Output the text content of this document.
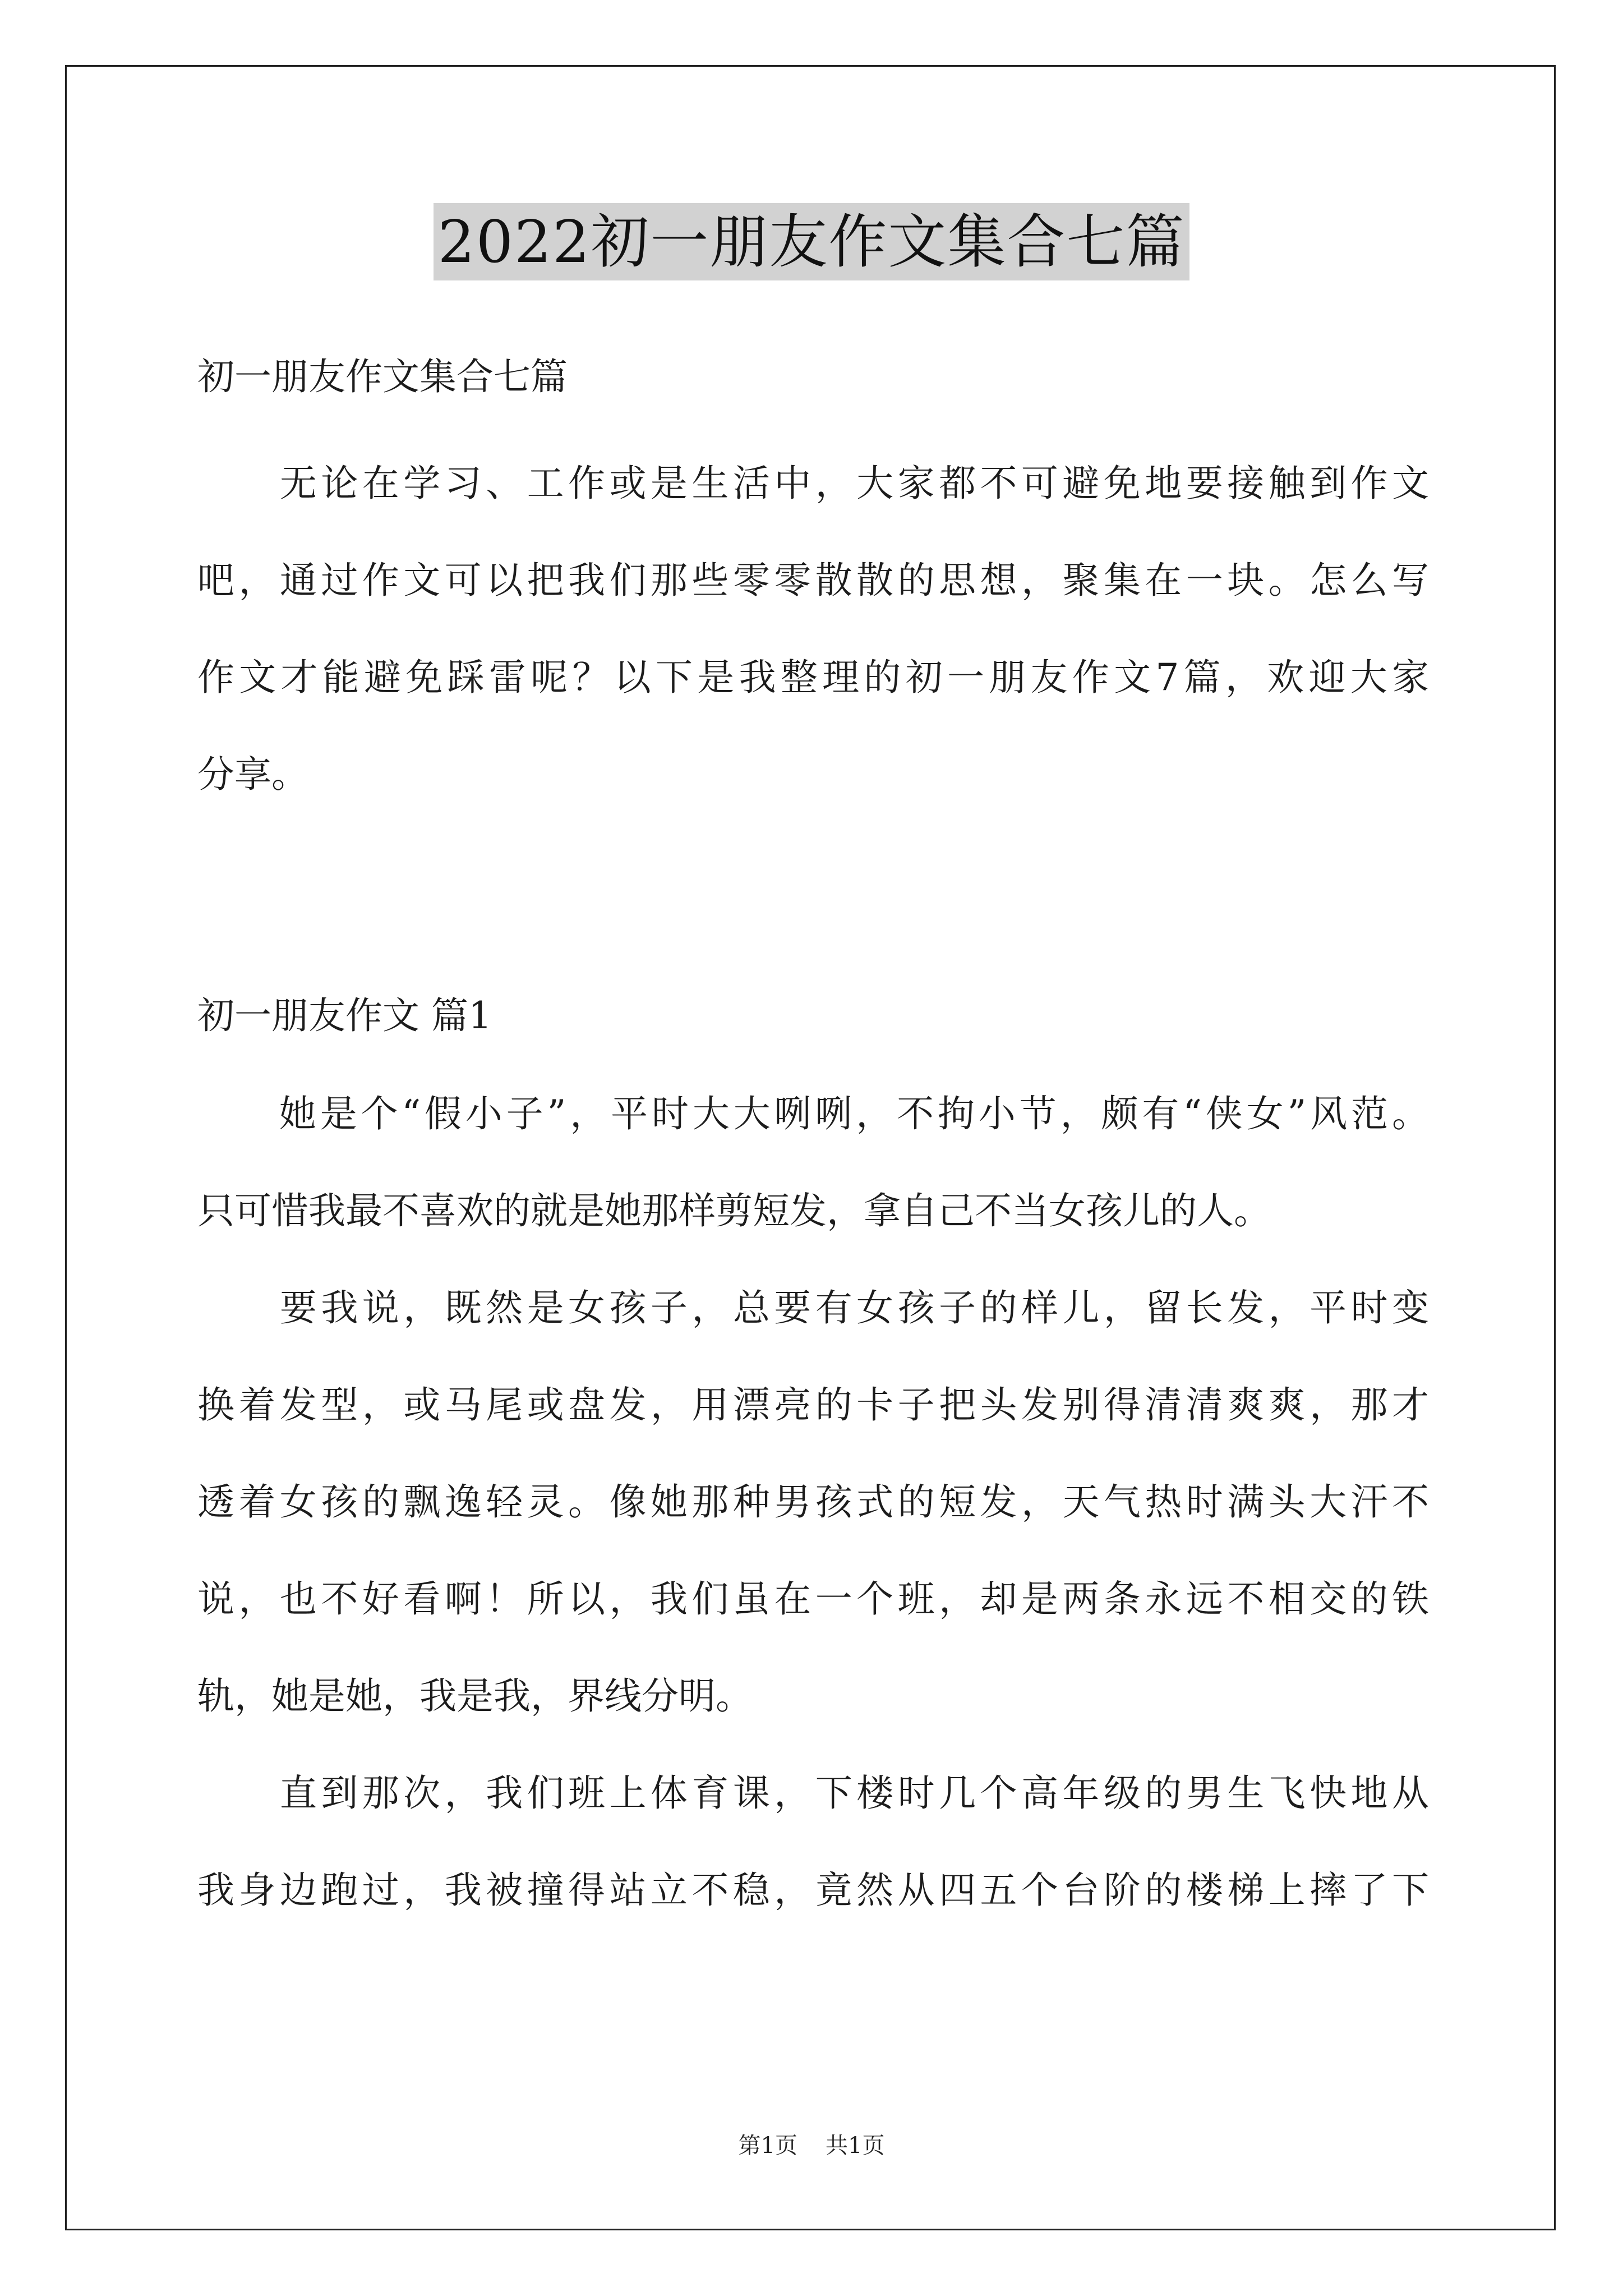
2022初一朋友作文集合七篇
初一朋友作文集合七篇
　　无论在学习、工作或是生活中，大家都不可避免地要接触到作文
吧，通过作文可以把我们那些零零散散的思想，聚集在一块。怎么写
作文才能避免踩雷呢？以下是我整理的初一朋友作文7篇，欢迎大家
分享。
初一朋友作文 篇1
　　她是个“假小子”，平时大大咧咧，不拘小节，颇有“侠女”风范。
只可惜我最不喜欢的就是她那样剪短发，拿自己不当女孩儿的人。
　　要我说，既然是女孩子，总要有女孩子的样儿，留长发，平时变
换着发型，或马尾或盘发，用漂亮的卡子把头发别得清清爽爽，那才
透着女孩的飘逸轻灵。像她那种男孩式的短发，天气热时满头大汗不
说，也不好看啊！所以，我们虽在一个班，却是两条永远不相交的铁
轨，她是她，我是我，界线分明。
　　直到那次，我们班上体育课，下楼时几个高年级的男生飞快地从
我身边跑过，我被撞得站立不稳，竟然从四五个台阶的楼梯上摔了下
第1页 共1页
